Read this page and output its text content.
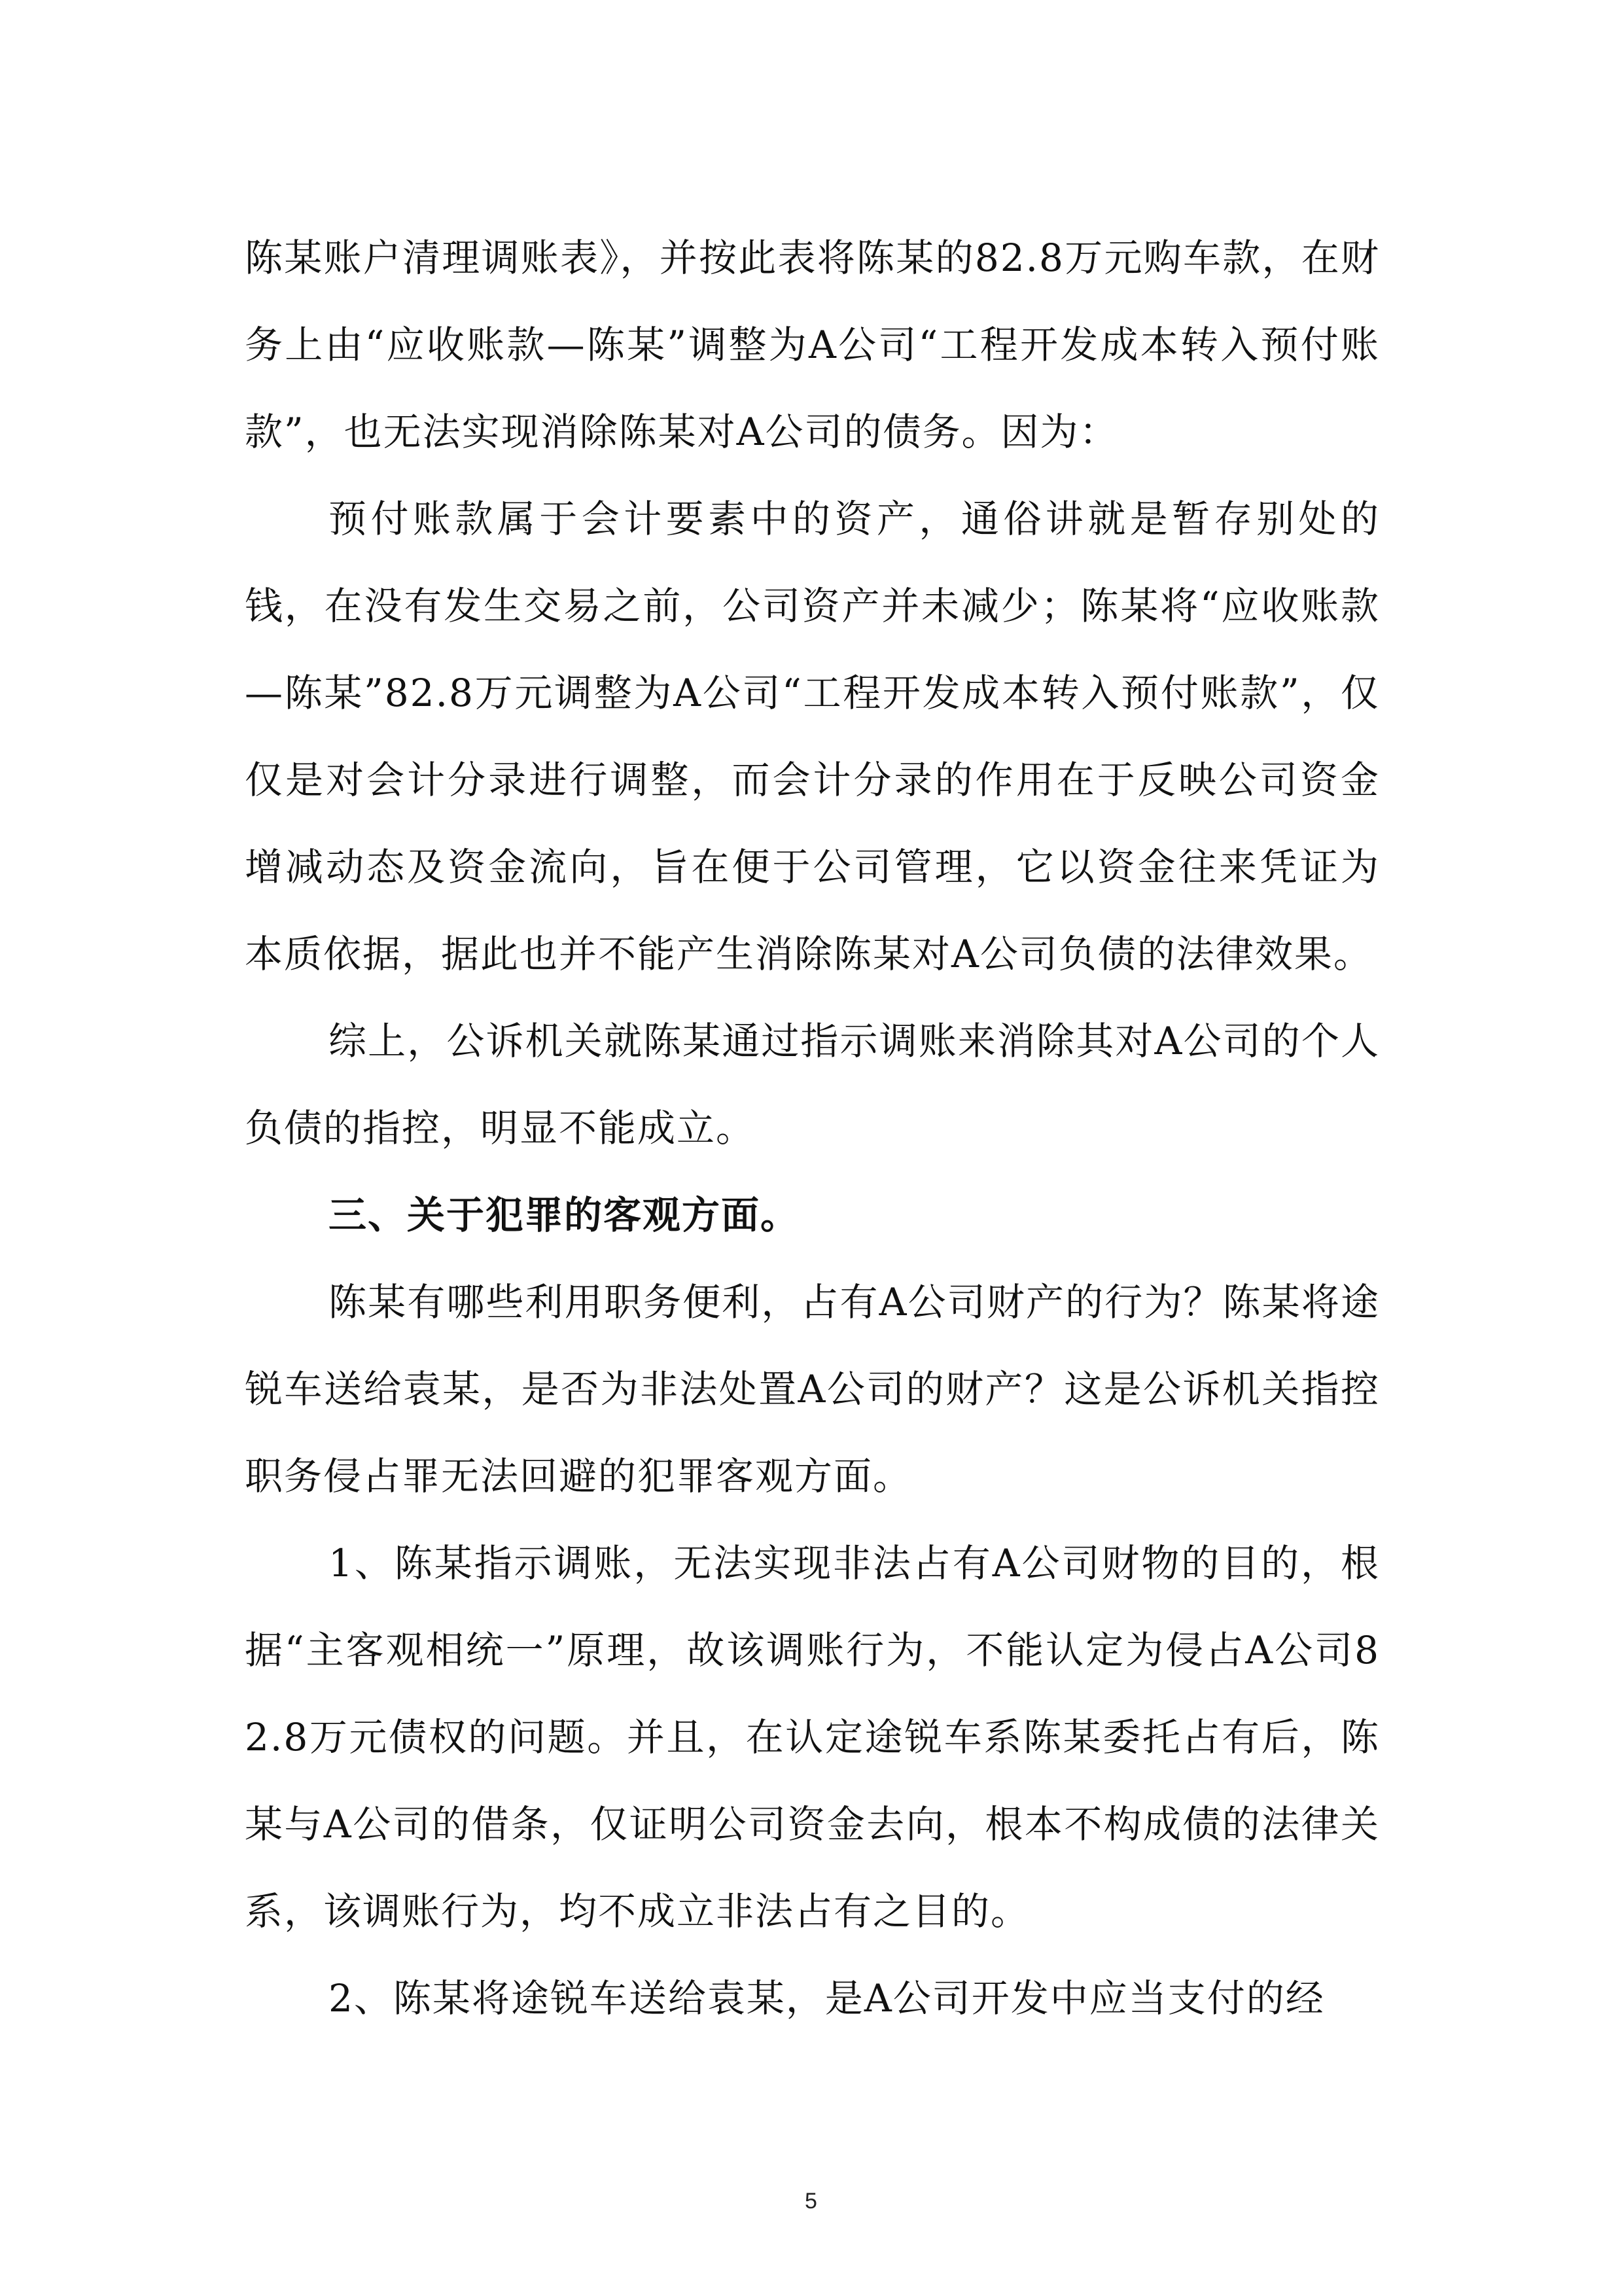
陈某账户清理调账表》，并按此表将陈某的82.8万元购车款，在财务上由“应收账款—陈某”调整为A公司“工程开发成本转入预付账款”，也无法实现消除陈某对A公司的债务。因为：

预付账款属于会计要素中的资产，通俗讲就是暂存别处的钱，在没有发生交易之前，公司资产并未减少；陈某将“应收账款—陈某”82.8万元调整为A公司“工程开发成本转入预付账款”，仅仅是对会计分录进行调整，而会计分录的作用在于反映公司资金增减动态及资金流向，旨在便于公司管理，它以资金往来凭证为本质依据，据此也并不能产生消除陈某对A公司负债的法律效果。

综上，公诉机关就陈某通过指示调账来消除其对A公司的个人负债的指控，明显不能成立。

三、关于犯罪的客观方面。

陈某有哪些利用职务便利，占有A公司财产的行为？陈某将途锐车送给袁某，是否为非法处置A公司的财产？这是公诉机关指控职务侵占罪无法回避的犯罪客观方面。

1、陈某指示调账，无法实现非法占有A公司财物的目的，根据“主客观相统一”原理，故该调账行为，不能认定为侵占A公司82.8万元债权的问题。并且，在认定途锐车系陈某委托占有后，陈某与A公司的借条，仅证明公司资金去向，根本不构成债的法律关系，该调账行为，均不成立非法占有之目的。

2、陈某将途锐车送给袁某，是A公司开发中应当支付的经

5
